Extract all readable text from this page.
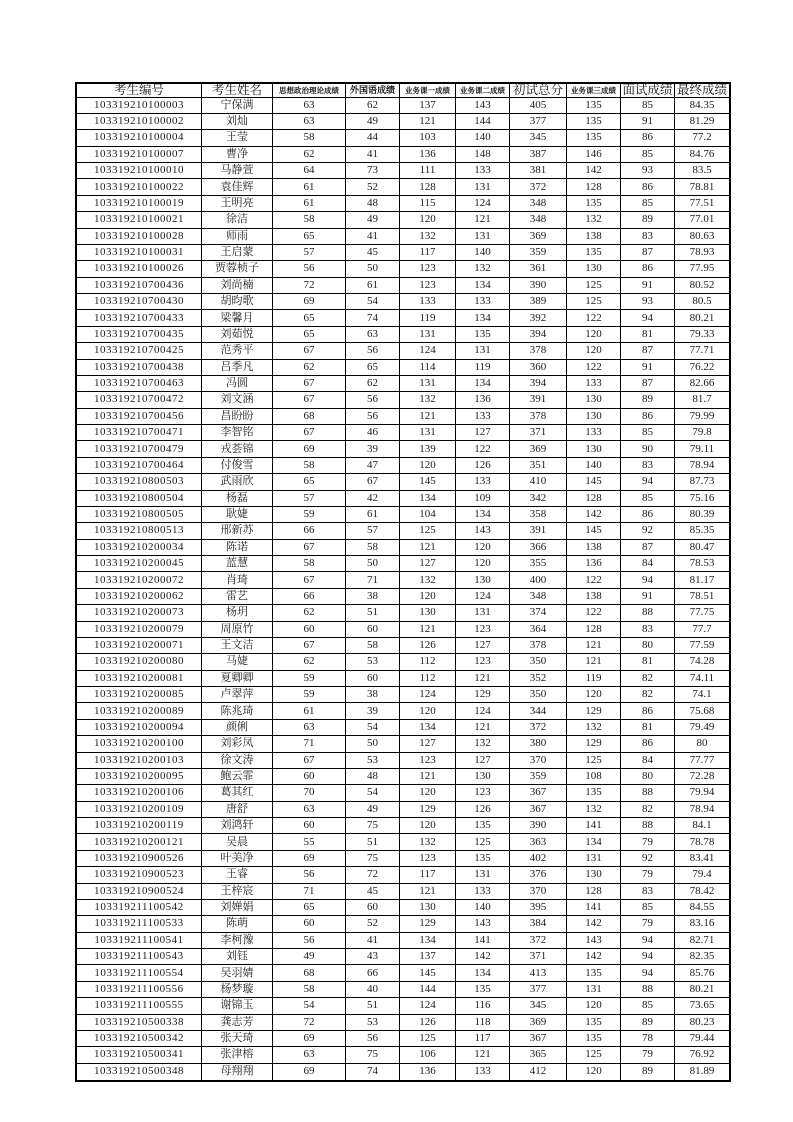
考生编号	考生姓名	思想政治理论成绩	外国语成绩	业务课一成绩	业务课二成绩	初试总分	业务课三成绩	面试成绩	最终成绩
103319210100003	宁保满	63	62	137	143	405	135	85	84.35
103319210100002	刘灿	63	49	121	144	377	135	91	81.29
103319210100004	王莹	58	44	103	140	345	135	86	77.2
103319210100007	曹净	62	41	136	148	387	146	85	84.76
103319210100010	马静萱	64	73	111	133	381	142	93	83.5
103319210100022	袁佳辉	61	52	128	131	372	128	86	78.81
103319210100019	王明亮	61	48	115	124	348	135	85	77.51
103319210100021	徐洁	58	49	120	121	348	132	89	77.01
103319210100028	师雨	65	41	132	131	369	138	83	80.63
103319210100031	王启蒙	57	45	117	140	359	135	87	78.93
103319210100026	贾蓉桢子	56	50	123	132	361	130	86	77.95
103319210700436	刘尚楠	72	61	123	134	390	125	91	80.52
103319210700430	胡昀歌	69	54	133	133	389	125	93	80.5
103319210700433	梁馨月	65	74	119	134	392	122	94	80.21
103319210700435	刘茹悦	65	63	131	135	394	120	81	79.33
103319210700425	范秀平	67	56	124	131	378	120	87	77.71
103319210700438	吕季凡	62	65	114	119	360	122	91	76.22
103319210700463	冯圆	67	62	131	134	394	133	87	82.66
103319210700472	刘文涵	67	56	132	136	391	130	89	81.7
103319210700456	昌盼盼	68	56	121	133	378	130	86	79.99
103319210700471	李智铭	67	46	131	127	371	133	85	79.8
103319210700479	戎荟锦	69	39	139	122	369	130	90	79.11
103319210700464	付俊雪	58	47	120	126	351	140	83	78.94
103319210800503	武雨欣	65	67	145	133	410	145	94	87.73
103319210800504	杨磊	57	42	134	109	342	128	85	75.16
103319210800505	耿婕	59	61	104	134	358	142	86	80.39
103319210800513	邢新苏	66	57	125	143	391	145	92	85.35
103319210200034	陈诺	67	58	121	120	366	138	87	80.47
103319210200045	蓝慧	58	50	127	120	355	136	84	78.53
103319210200072	肖琦	67	71	132	130	400	122	94	81.17
103319210200062	雷艺	66	38	120	124	348	138	91	78.51
103319210200073	杨玥	62	51	130	131	374	122	88	77.75
103319210200079	周原竹	60	60	121	123	364	128	83	77.7
103319210200071	王文洁	67	58	126	127	378	121	80	77.59
103319210200080	马婕	62	53	112	123	350	121	81	74.28
103319210200081	夏卿卿	59	60	112	121	352	119	82	74.11
103319210200085	卢翠萍	59	38	124	129	350	120	82	74.1
103319210200089	陈兆琦	61	39	120	124	344	129	86	75.68
103319210200094	颜俐	63	54	134	121	372	132	81	79.49
103319210200100	刘彩凤	71	50	127	132	380	129	86	80
103319210200103	徐文涛	67	53	123	127	370	125	84	77.77
103319210200095	鲍云霏	60	48	121	130	359	108	80	72.28
103319210200106	葛其红	70	54	120	123	367	135	88	79.94
103319210200109	唐舒	63	49	129	126	367	132	82	78.94
103319210200119	刘鸿轩	60	75	120	135	390	141	88	84.1
103319210200121	吴晨	55	51	132	125	363	134	79	78.78
103319210900526	叶美净	69	75	123	135	402	131	92	83.41
103319210900523	王睿	56	72	117	131	376	130	79	79.4
103319210900524	王梓宸	71	45	121	133	370	128	83	78.42
103319211100542	刘婵娟	65	60	130	140	395	141	85	84.55
103319211100533	陈萌	60	52	129	143	384	142	79	83.16
103319211100541	李柯豫	56	41	134	141	372	143	94	82.71
103319211100543	刘钰	49	43	137	142	371	142	94	82.35
103319211100554	吴羽婧	68	66	145	134	413	135	94	85.76
103319211100556	杨梦璇	58	40	144	135	377	131	88	80.21
103319211100555	谢锦玉	54	51	124	116	345	120	85	73.65
103319210500338	龚志芳	72	53	126	118	369	135	89	80.23
103319210500342	张天琦	69	56	125	117	367	135	78	79.44
103319210500341	张津榕	63	75	106	121	365	125	79	76.92
103319210500348	母翔翔	69	74	136	133	412	120	89	81.89
